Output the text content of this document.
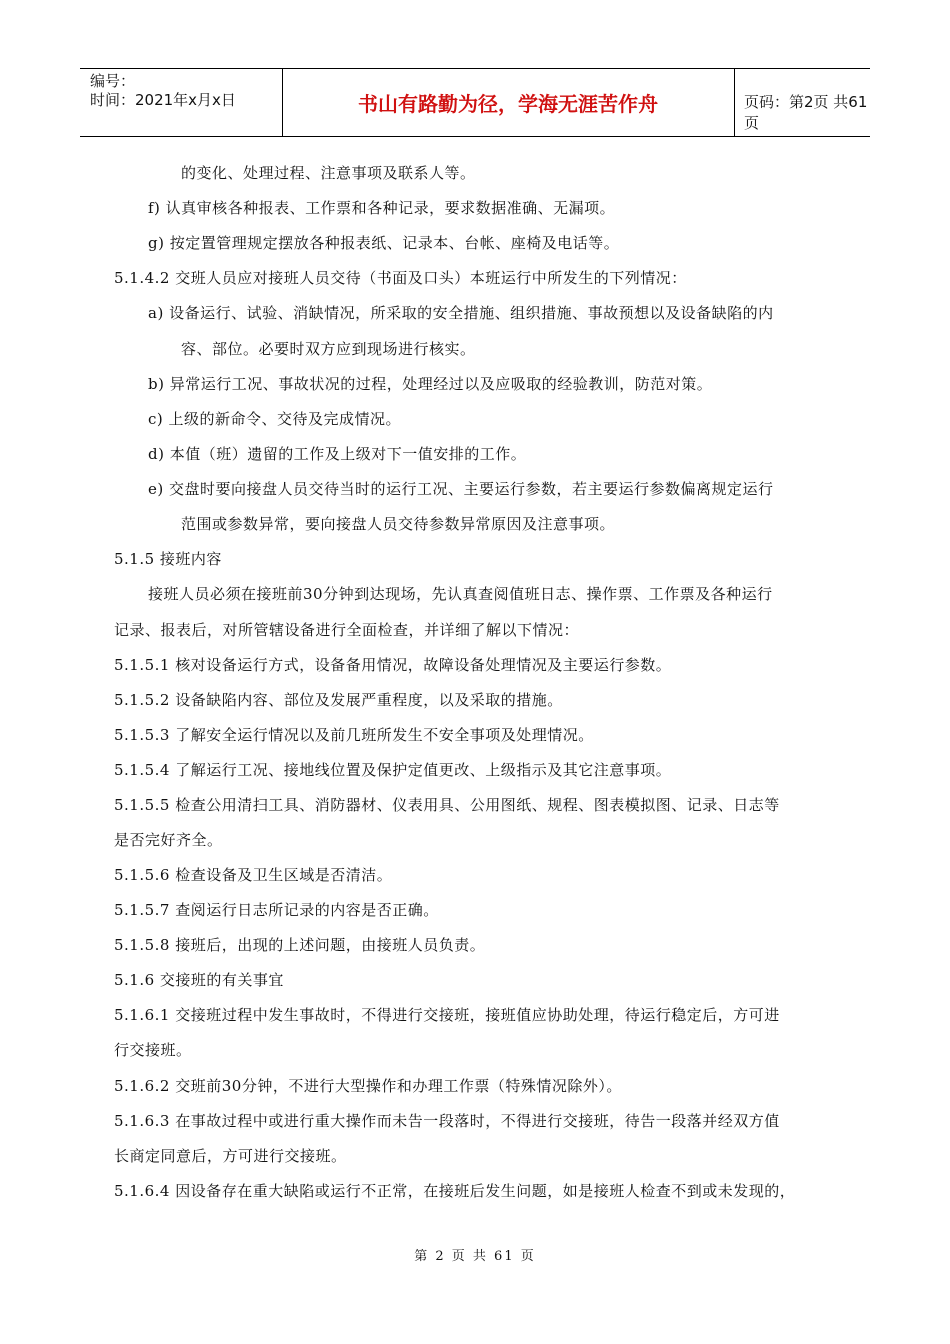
编号：
时间：2021年x月x日	书山有路勤为径，学海无涯苦作舟	页码：第2页 共61页
的变化、处理过程、注意事项及联系人等。
f) 认真审核各种报表、工作票和各种记录，要求数据准确、无漏项。
g) 按定置管理规定摆放各种报表纸、记录本、台帐、座椅及电话等。
5.1.4.2 交班人员应对接班人员交待（书面及口头）本班运行中所发生的下列情况：
a) 设备运行、试验、消缺情况，所采取的安全措施、组织措施、事故预想以及设备缺陷的内
容、部位。必要时双方应到现场进行核实。
b) 异常运行工况、事故状况的过程，处理经过以及应吸取的经验教训，防范对策。
c) 上级的新命令、交待及完成情况。
d) 本值（班）遗留的工作及上级对下一值安排的工作。
e) 交盘时要向接盘人员交待当时的运行工况、主要运行参数，若主要运行参数偏离规定运行
范围或参数异常，要向接盘人员交待参数异常原因及注意事项。
5.1.5 接班内容
接班人员必须在接班前30分钟到达现场，先认真查阅值班日志、操作票、工作票及各种运行
记录、报表后，对所管辖设备进行全面检查，并详细了解以下情况：
5.1.5.1 核对设备运行方式，设备备用情况，故障设备处理情况及主要运行参数。
5.1.5.2 设备缺陷内容、部位及发展严重程度，以及采取的措施。
5.1.5.3 了解安全运行情况以及前几班所发生不安全事项及处理情况。
5.1.5.4 了解运行工况、接地线位置及保护定值更改、上级指示及其它注意事项。
5.1.5.5 检查公用清扫工具、消防器材、仪表用具、公用图纸、规程、图表模拟图、记录、日志等
是否完好齐全。
5.1.5.6 检查设备及卫生区域是否清洁。
5.1.5.7 查阅运行日志所记录的内容是否正确。
5.1.5.8 接班后，出现的上述问题，由接班人员负责。
5.1.6 交接班的有关事宜
5.1.6.1 交接班过程中发生事故时，不得进行交接班，接班值应协助处理，待运行稳定后，方可进
行交接班。
5.1.6.2 交班前30分钟，不进行大型操作和办理工作票（特殊情况除外）。
5.1.6.3 在事故过程中或进行重大操作而未告一段落时，不得进行交接班，待告一段落并经双方值
长商定同意后，方可进行交接班。
5.1.6.4 因设备存在重大缺陷或运行不正常，在接班后发生问题，如是接班人检查不到或未发现的，
第 2 页 共 61 页
